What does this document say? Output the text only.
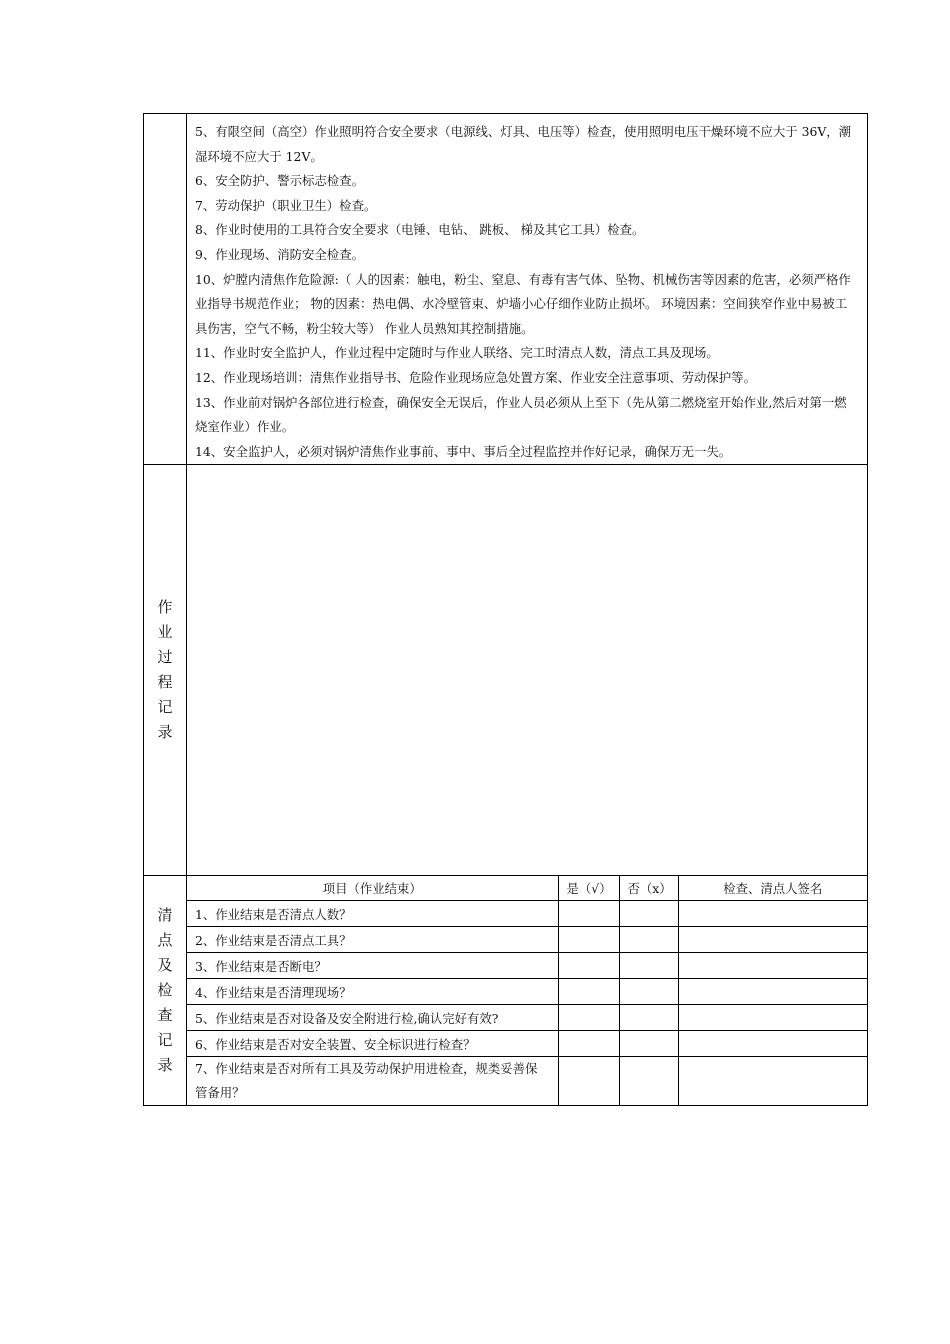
5、有限空间（高空）作业照明符合安全要求（电源线、灯具、电压等）检查，使用照明电压干燥环境不应大于 36V，潮湿环境不应大于 12V。

6、安全防护、警示标志检查。

7、劳动保护（职业卫生）检查。

8、作业时使用的工具符合安全要求（电锤、电钻、 跳板、 梯及其它工具）检查。

9、作业现场、消防安全检查。

10、炉膛内清焦作危险源:（ 人的因素：触电，粉尘、窒息、有毒有害气体、坠物、机械伤害等因素的危害，必须严格作业指导书规范作业； 物的因素：热电偶、水冷壁管束、炉墙小心仔细作业防止损坏。 环境因素：空间狭窄作业中易被工具伤害，空气不畅，粉尘较大等） 作业人员熟知其控制措施。

11、作业时安全监护人，作业过程中定随时与作业人联络、完工时清点人数，清点工具及现场。

12、作业现场培训：清焦作业指导书、危险作业现场应急处置方案、作业安全注意事项、劳动保护等。

13、作业前对锅炉各部位进行检查，确保安全无误后，作业人员必须从上至下（先从第二燃烧室开始作业,然后对第一燃烧室作业）作业。

14、安全监护人，必须对锅炉清焦作业事前、事中、事后全过程监控并作好记录，确保万无一失。

作
业
过
程
记
录

清
点
及
检
查
记
录

项目（作业结束）	是（√）	否（x）	检查、清点人签名
1、作业结束是否清点人数？			
2、作业结束是否清点工具？			
3、作业结束是否断电？			
4、作业结束是否清理现场？			
5、作业结束是否对设备及安全附进行检,确认完好有效?			
6、作业结束是否对安全装置、安全标识进行检查？			
7、作业结束是否对所有工具及劳动保护用进检查，规类妥善保管备用？			
